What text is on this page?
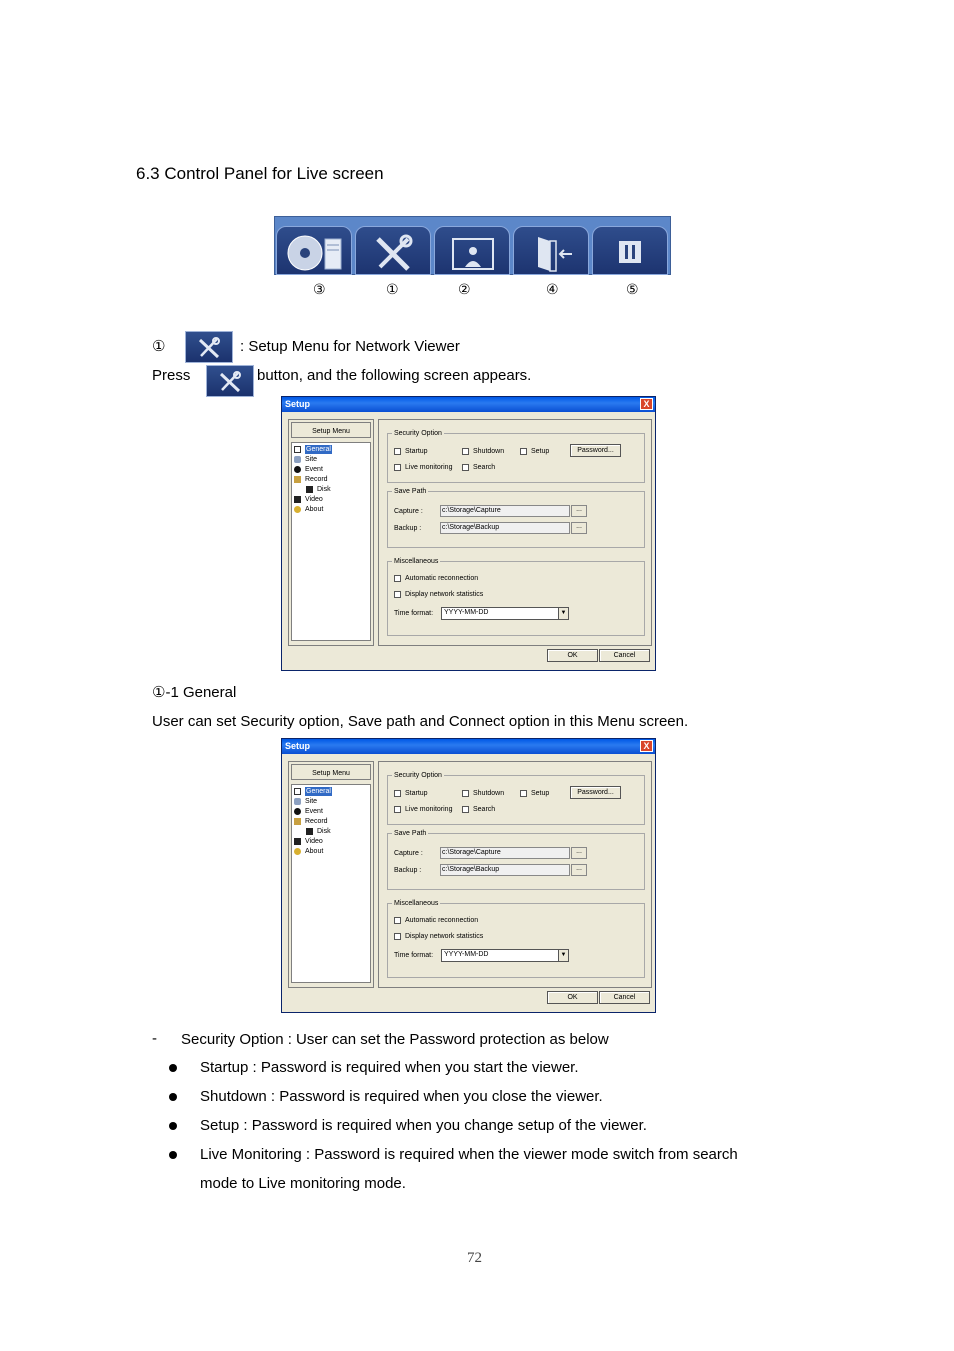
6.3 Control Panel for Live screen
③	①	②	④	⑤
①	: Setup Menu for Network Viewer
Press	button, and the following screen appears.
Setup	X
Setup Menu
General
Site
Event
Record
Disk
Video
About
Security Option
Startup	Shutdown	Setup	Password...
Live monitoring	Search
Save Path
Capture :	c:\Storage\Capture	...
Backup :	c:\Storage\Backup	...
Miscellaneous
Automatic reconnection
Display network statistics
Time format:	YYYY-MM-DD	▼
OK	Cancel
①-1 General
User can set Security option, Save path and Connect option in this Menu screen.
Setup	X
Setup Menu
General
Site
Event
Record
Disk
Video
About
Security Option
Startup	Shutdown	Setup	Password...
Live monitoring	Search
Save Path
Capture :	c:\Storage\Capture	...
Backup :	c:\Storage\Backup	...
Miscellaneous
Automatic reconnection
Display network statistics
Time format:	YYYY-MM-DD	▼
OK	Cancel
- Security Option : User can set the Password protection as below
Startup : Password is required when you start the viewer.
Shutdown : Password is required when you close the viewer.
Setup : Password is required when you change setup of the viewer.
Live Monitoring : Password is required when the viewer mode switch from search
mode to Live monitoring mode.
72
